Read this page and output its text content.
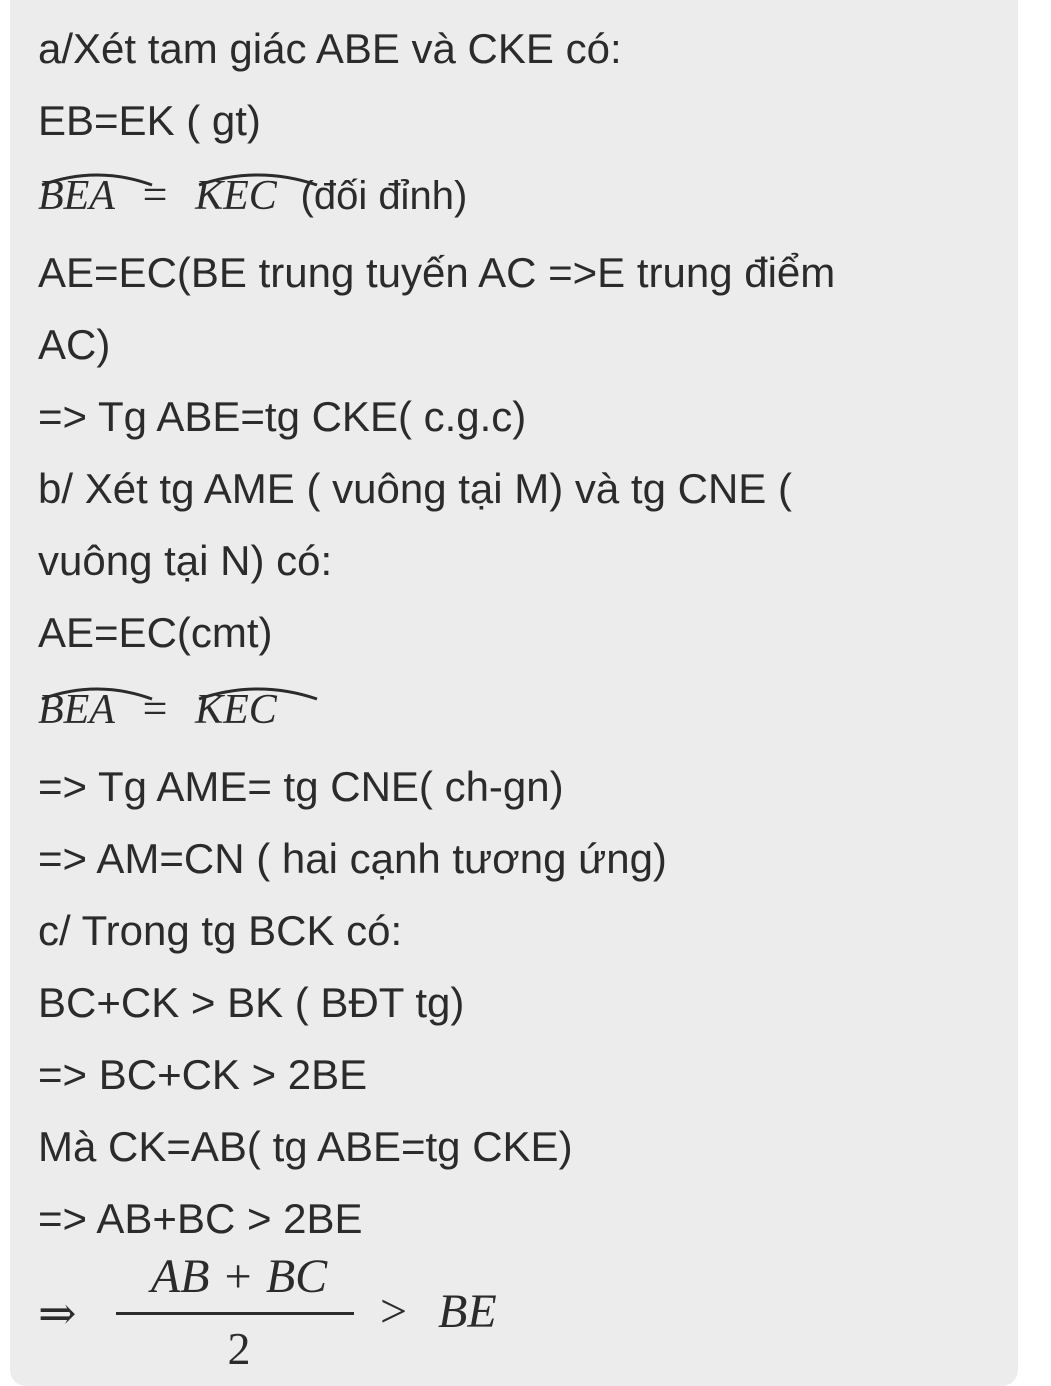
a/Xét tam giác ABE và CKE có:
EB=EK ( gt)
BEA = KEC (đối đỉnh)
AE=EC(BE trung tuyến AC =>E trung điểm
AC)
=> Tg ABE=tg CKE( c.g.c)
b/ Xét tg AME ( vuông tại M) và tg CNE (
vuông tại N) có:
AE=EC(cmt)
BEA = KEC
=> Tg AME= tg CNE( ch-gn)
=> AM=CN ( hai cạnh tương ứng)
c/ Trong tg BCK có:
BC+CK > BK ( BĐT tg)
=> BC+CK > 2BE
Mà CK=AB( tg ABE=tg CKE)
=> AB+BC > 2BE
⇒
AB + BC
2
> BE
